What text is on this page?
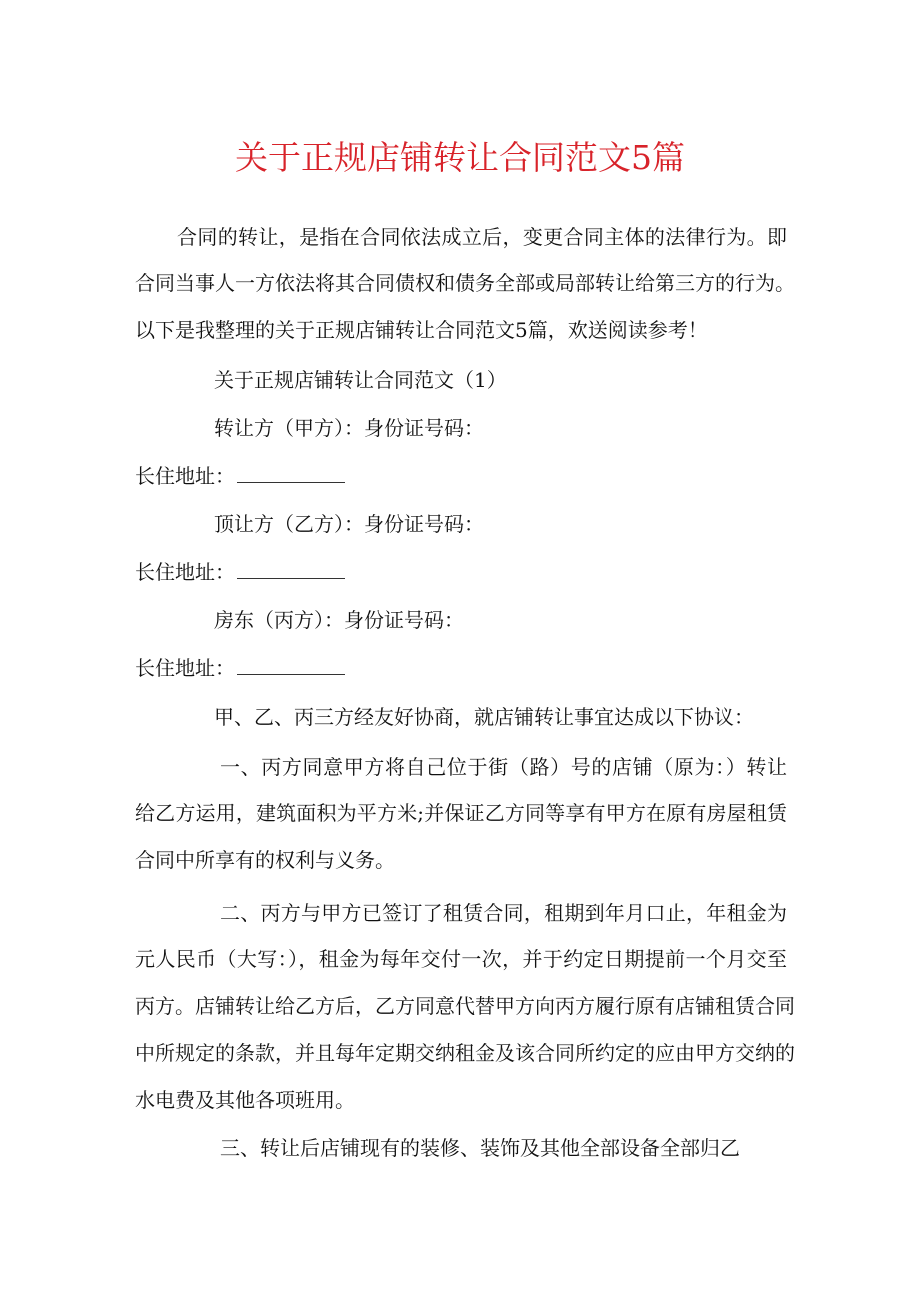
关于正规店铺转让合同范文5篇
合同的转让，是指在合同依法成立后，变更合同主体的法律行为。即
合同当事人一方依法将其合同债权和债务全部或局部转让给第三方的行为。
以下是我整理的关于正规店铺转让合同范文5篇，欢送阅读参考！
关于正规店铺转让合同范文（1）
转让方（甲方）：身份证号码：
长住地址：
顶让方（乙方）：身份证号码：
长住地址：
房东（丙方）：身份证号码：
长住地址：
甲、乙、丙三方经友好协商，就店铺转让事宜达成以下协议：
一、丙方同意甲方将自己位于街（路）号的店铺（原为：）转让
给乙方运用，建筑面积为平方米;并保证乙方同等享有甲方在原有房屋租赁
合同中所享有的权利与义务。
二、丙方与甲方已签订了租赁合同，租期到年月口止，年租金为
元人民币（大写：），租金为每年交付一次，并于约定日期提前一个月交至
丙方。店铺转让给乙方后，乙方同意代替甲方向丙方履行原有店铺租赁合同
中所规定的条款，并且每年定期交纳租金及该合同所约定的应由甲方交纳的
水电费及其他各项班用。
三、转让后店铺现有的装修、装饰及其他全部设备全部归乙
